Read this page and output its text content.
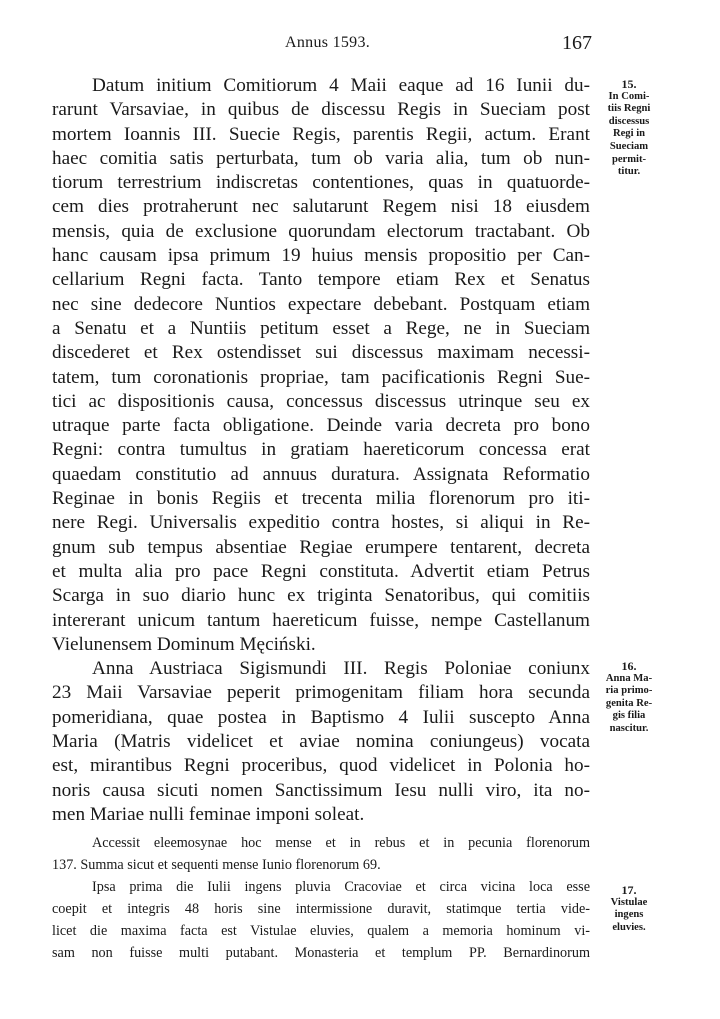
Annus 1593.	167
Datum initium Comitiorum 4 Maii eaque ad 16 Iunii du-
rarunt Varsaviae, in quibus de discessu Regis in Sueciam post
mortem Ioannis III. Suecie Regis, parentis Regii, actum. Erant
haec comitia satis perturbata, tum ob varia alia, tum ob nun-
tiorum terrestrium indiscretas contentiones, quas in quatuorde-
cem dies protraherunt nec salutarunt Regem nisi 18 eiusdem
mensis, quia de exclusione quorundam electorum tractabant. Ob
hanc causam ipsa primum 19 huius mensis propositio per Can-
cellarium Regni facta. Tanto tempore etiam Rex et Senatus
nec sine dedecore Nuntios expectare debebant. Postquam etiam
a Senatu et a Nuntiis petitum esset a Rege, ne in Sueciam
discederet et Rex ostendisset sui discessus maximam necessi-
tatem, tum coronationis propriae, tam pacificationis Regni Sue-
tici ac dispositionis causa, concessus discessus utrinque seu ex
utraque parte facta obligatione. Deinde varia decreta pro bono
Regni: contra tumultus in gratiam haereticorum concessa erat
quaedam constitutio ad annuus duratura. Assignata Reformatio
Reginae in bonis Regiis et trecenta milia florenorum pro iti-
nere Regi. Universalis expeditio contra hostes, si aliqui in Re-
gnum sub tempus absentiae Regiae erumpere tentarent, decreta
et multa alia pro pace Regni constituta. Advertit etiam Petrus
Scarga in suo diario hunc ex triginta Senatoribus, qui comitiis
intererant unicum tantum haereticum fuisse, nempe Castellanum
Vielunensem Dominum Męciński.
Anna Austriaca Sigismundi III. Regis Poloniae coniunx
23 Maii Varsaviae peperit primogenitam filiam hora secunda
pomeridiana, quae postea in Baptismo 4 Iulii suscepto Anna
Maria (Matris videlicet et aviae nomina coniungeus) vocata
est, mirantibus Regni proceribus, quod videlicet in Polonia ho-
noris causa sicuti nomen Sanctissimum Iesu nulli viro, ita no-
men Mariae nulli feminae imponi soleat.
Accessit eleemosynae hoc mense et in rebus et in pecunia florenorum
137. Summa sicut et sequenti mense Iunio florenorum 69.
Ipsa prima die Iulii ingens pluvia Cracoviae et circa vicina loca esse
coepit et integris 48 horis sine intermissione duravit, statimque tertia vide-
licet die maxima facta est Vistulae eluvies, qualem a memoria hominum vi-
sam non fuisse multi putabant. Monasteria et templum PP. Bernardinorum
15.
In Comi-
tiis Regni
discessus
Regi in
Sueciam
permit-
titur.
16.
Anna Ma-
ria primo-
genita Re-
gis filia
nascitur.
17.
Vistulae
ingens
eluvies.
